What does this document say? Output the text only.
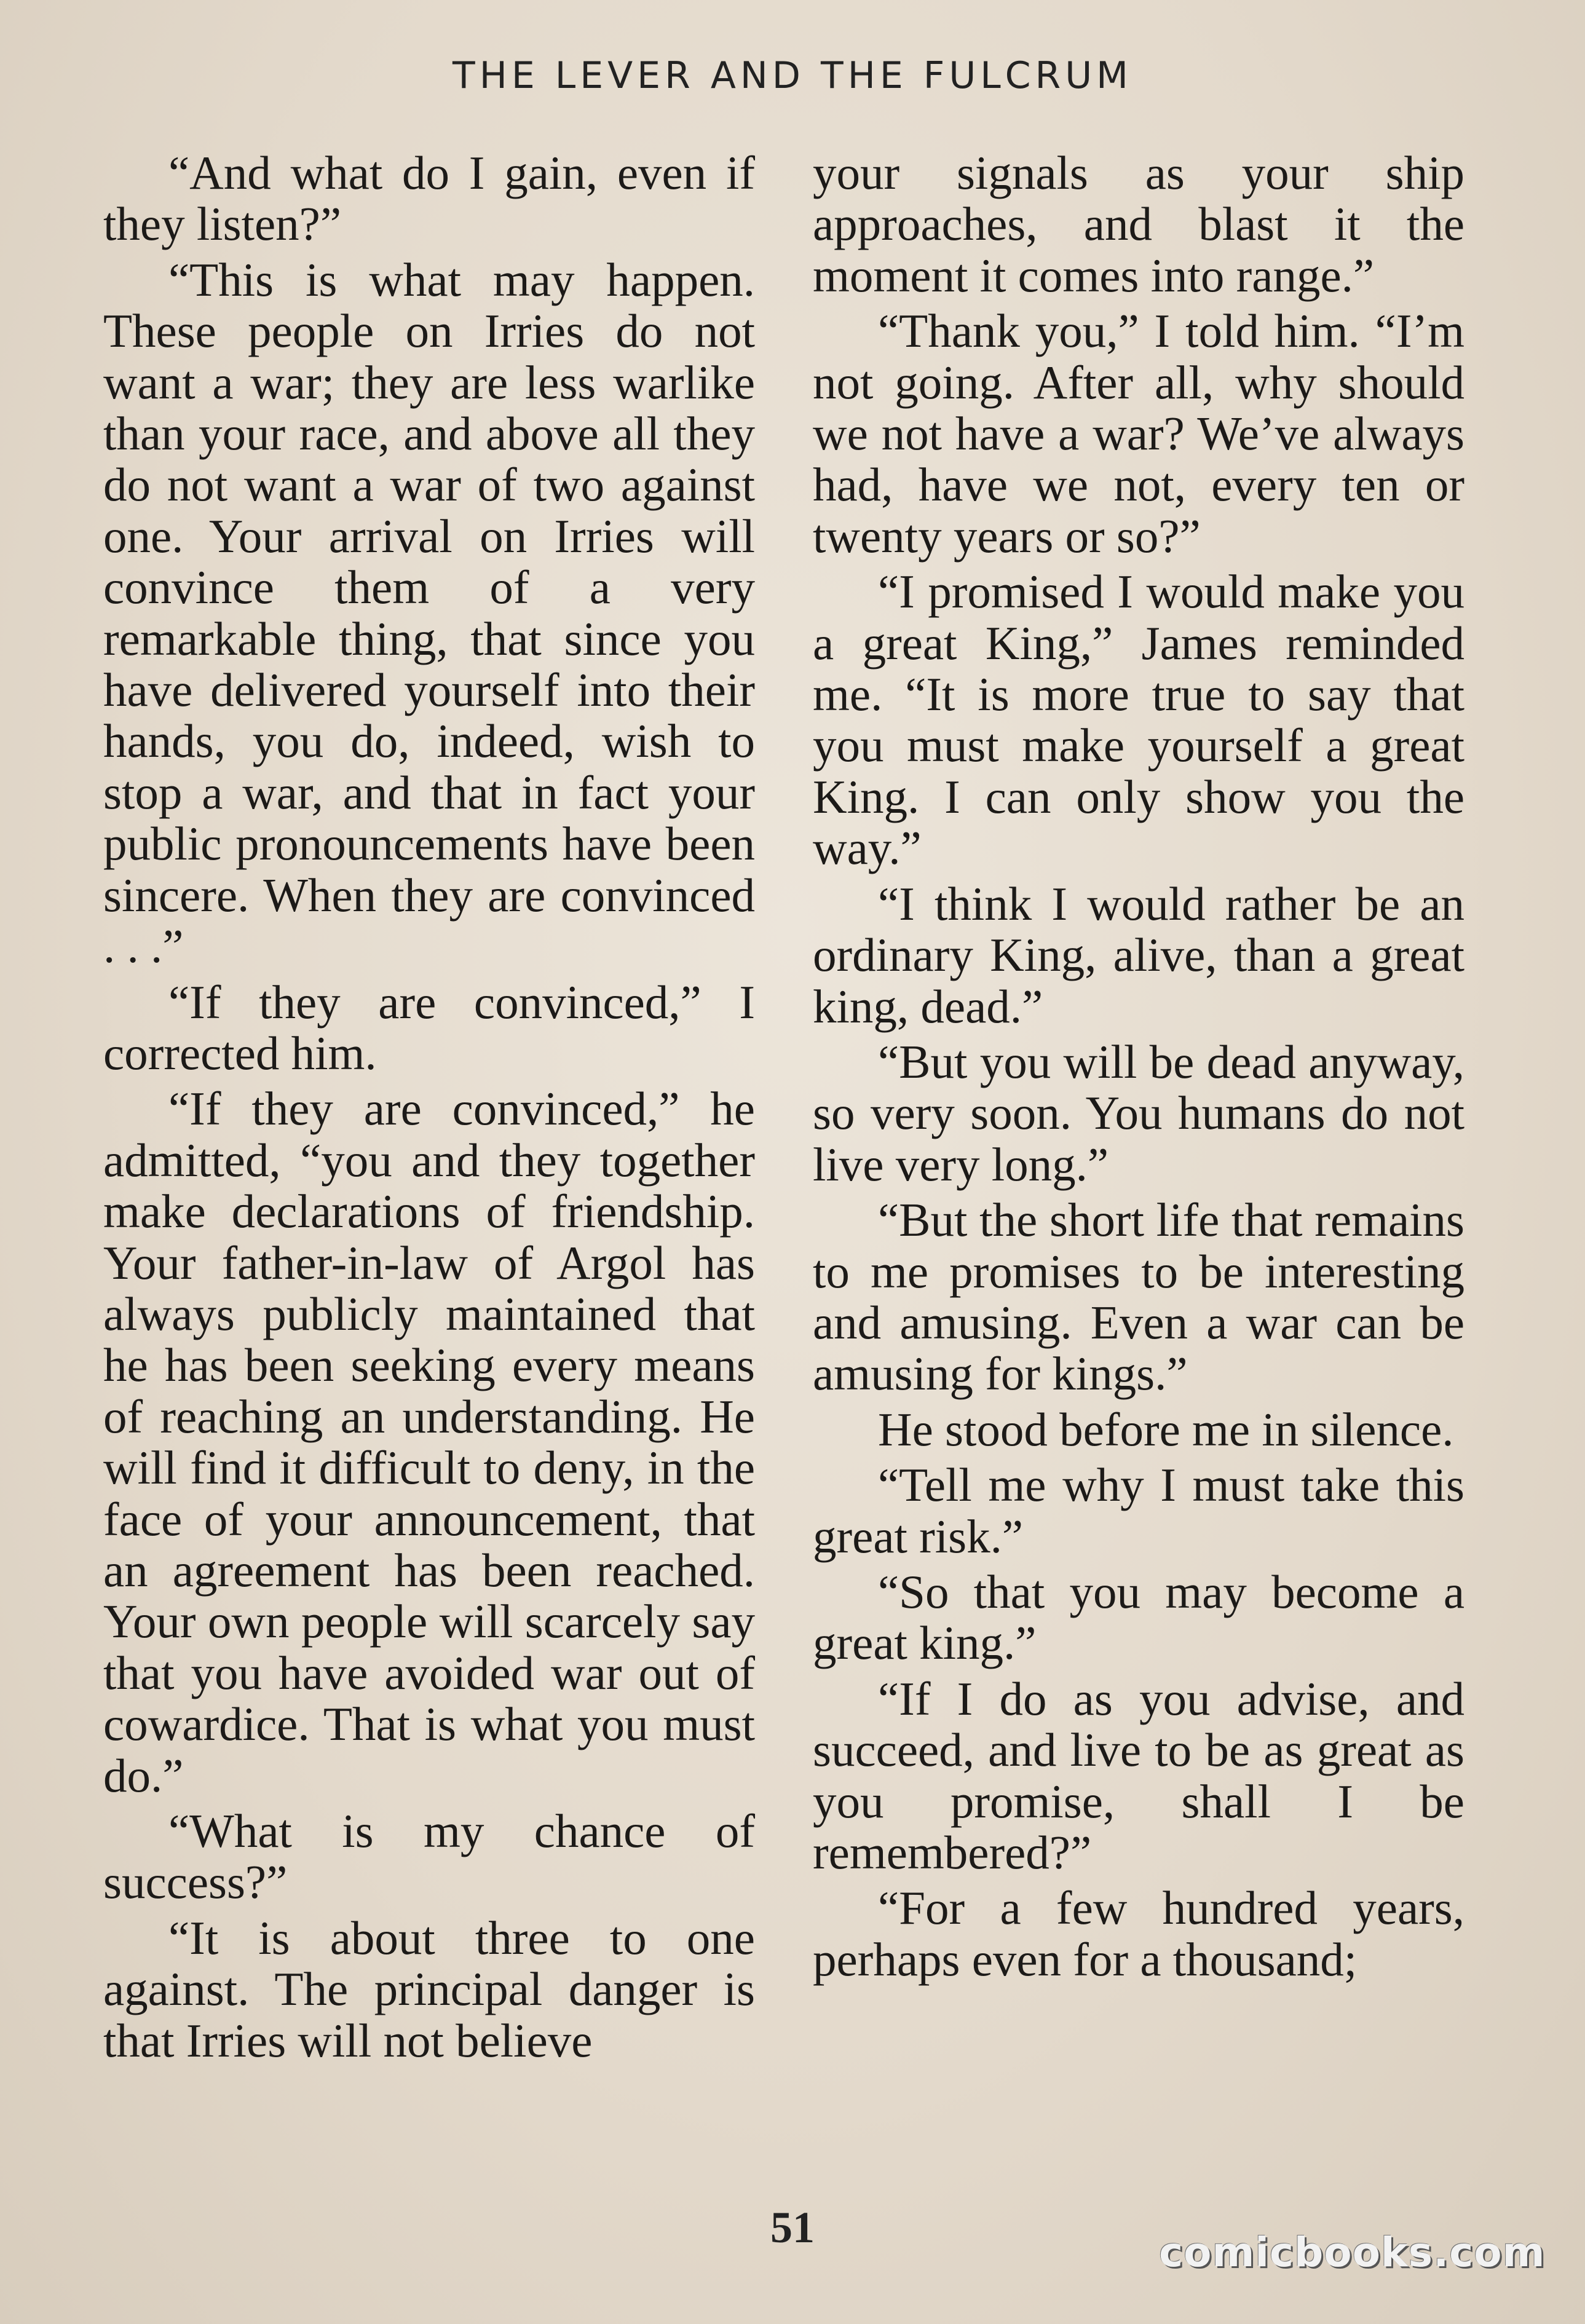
THE LEVER AND THE FULCRUM

“And what do I gain, even if they listen?”

“This is what may happen. These people on Irries do not want a war; they are less warlike than your race, and above all they do not want a war of two against one. Your arrival on Irries will convince them of a very remarkable thing, that since you have delivered yourself into their hands, you do, indeed, wish to stop a war, and that in fact your public pronouncements have been sincere. When they are convinced . . .”

“If they are convinced,” I corrected him.

“If they are convinced,” he admitted, “you and they together make declarations of friendship. Your father-in-law of Argol has always publicly maintained that he has been seeking every means of reaching an understanding. He will find it difficult to deny, in the face of your announcement, that an agreement has been reached. Your own people will scarcely say that you have avoided war out of cowardice. That is what you must do.”

“What is my chance of success?”

“It is about three to one against. The principal danger is that Irries will not believe

your signals as your ship approaches, and blast it the moment it comes into range.”

“Thank you,” I told him. “I’m not going. After all, why should we not have a war? We’ve always had, have we not, every ten or twenty years or so?”

“I promised I would make you a great King,” James reminded me. “It is more true to say that you must make yourself a great King. I can only show you the way.”

“I think I would rather be an ordinary King, alive, than a great king, dead.”

“But you will be dead anyway, so very soon. You humans do not live very long.”

“But the short life that remains to me promises to be interesting and amusing. Even a war can be amusing for kings.”

He stood before me in silence.

“Tell me why I must take this great risk.”

“So that you may become a great king.”

“If I do as you advise, and succeed, and live to be as great as you promise, shall I be remembered?”

“For a few hundred years, perhaps even for a thousand;

51
comicbooks.com
